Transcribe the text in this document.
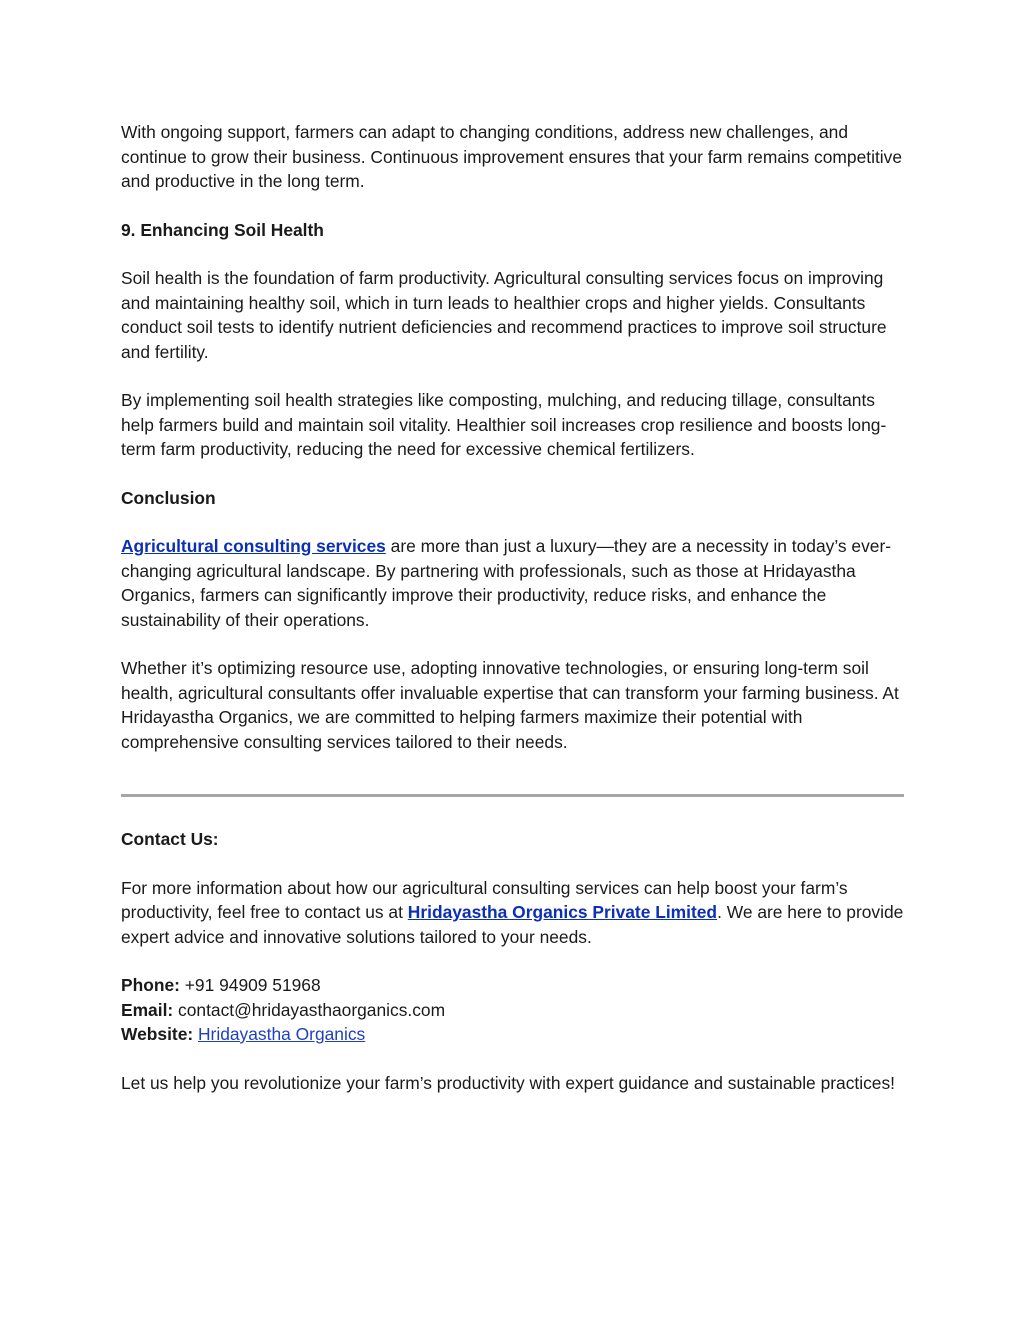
With ongoing support, farmers can adapt to changing conditions, address new challenges, and continue to grow their business. Continuous improvement ensures that your farm remains competitive and productive in the long term.

9. Enhancing Soil Health

Soil health is the foundation of farm productivity. Agricultural consulting services focus on improving and maintaining healthy soil, which in turn leads to healthier crops and higher yields. Consultants conduct soil tests to identify nutrient deficiencies and recommend practices to improve soil structure and fertility.

By implementing soil health strategies like composting, mulching, and reducing tillage, consultants help farmers build and maintain soil vitality. Healthier soil increases crop resilience and boosts long-term farm productivity, reducing the need for excessive chemical fertilizers.

Conclusion

Agricultural consulting services are more than just a luxury—they are a necessity in today’s ever-changing agricultural landscape. By partnering with professionals, such as those at Hridayastha Organics, farmers can significantly improve their productivity, reduce risks, and enhance the sustainability of their operations.

Whether it’s optimizing resource use, adopting innovative technologies, or ensuring long-term soil health, agricultural consultants offer invaluable expertise that can transform your farming business. At Hridayastha Organics, we are committed to helping farmers maximize their potential with comprehensive consulting services tailored to their needs.

Contact Us:

For more information about how our agricultural consulting services can help boost your farm’s productivity, feel free to contact us at Hridayastha Organics Private Limited. We are here to provide expert advice and innovative solutions tailored to your needs.

Phone: +91 94909 51968

Email: contact@hridayasthaorganics.com

Website: Hridayastha Organics

Let us help you revolutionize your farm’s productivity with expert guidance and sustainable practices!
